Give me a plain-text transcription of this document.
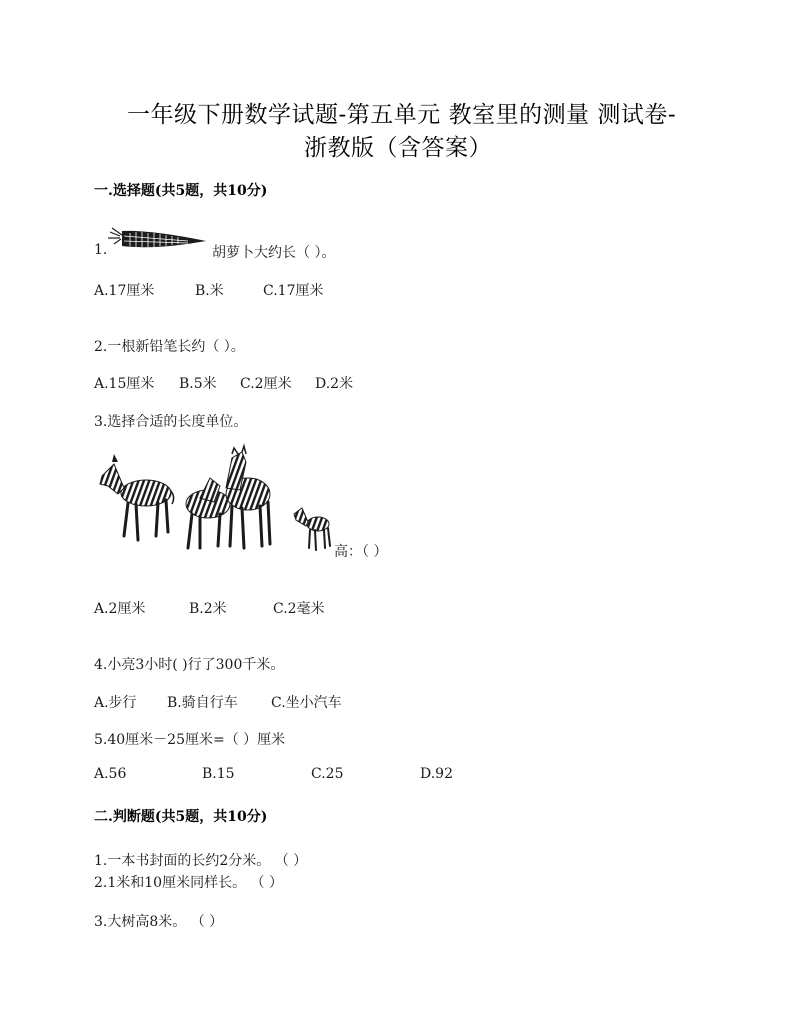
一年级下册数学试题-第五单元 教室里的测量 测试卷-
浙教版（含答案）
一.选择题(共5题，共10分)
1.	胡萝卜大约长（ ）。
A.17厘米	B.米	C.17厘米
2.一根新铅笔长约（ ）。
A.15厘米 B.5米 C.2厘米 D.2米
3.选择合适的长度单位。
高：（ ）
A.2厘米	B.2米	C.2毫米
4.小亮3小时( )行了300千米。
A.步行 B.骑自行车 C.坐小汽车
5.40厘米－25厘米=（ ）厘米
A.56	B.15	C.25	D.92
二.判断题(共5题，共10分)
1.一本书封面的长约2分米。 （ ）
2.1米和10厘米同样长。 （ ）
3.大树高8米。 （ ）
